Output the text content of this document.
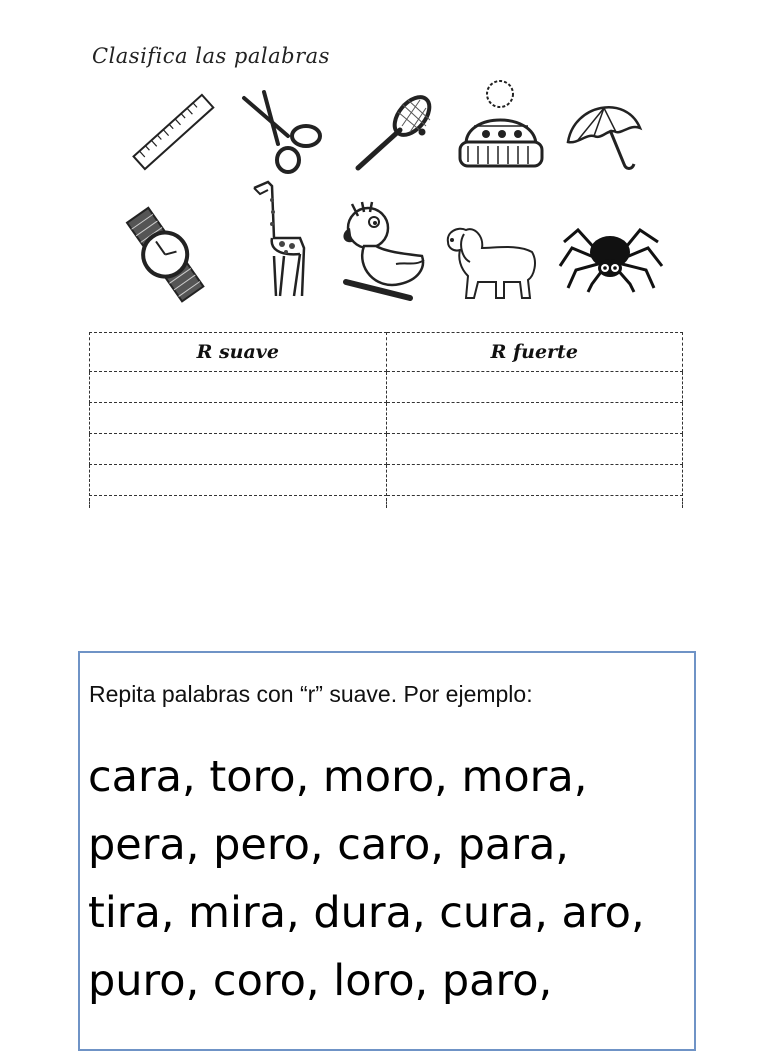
Clasifica las palabras
R suave	R fuerte

Repita palabras con “r” suave. Por ejemplo:
cara, toro, moro, mora,
pera, pero, caro, para,
tira, mira, dura, cura, aro,
puro, coro, loro, paro,
